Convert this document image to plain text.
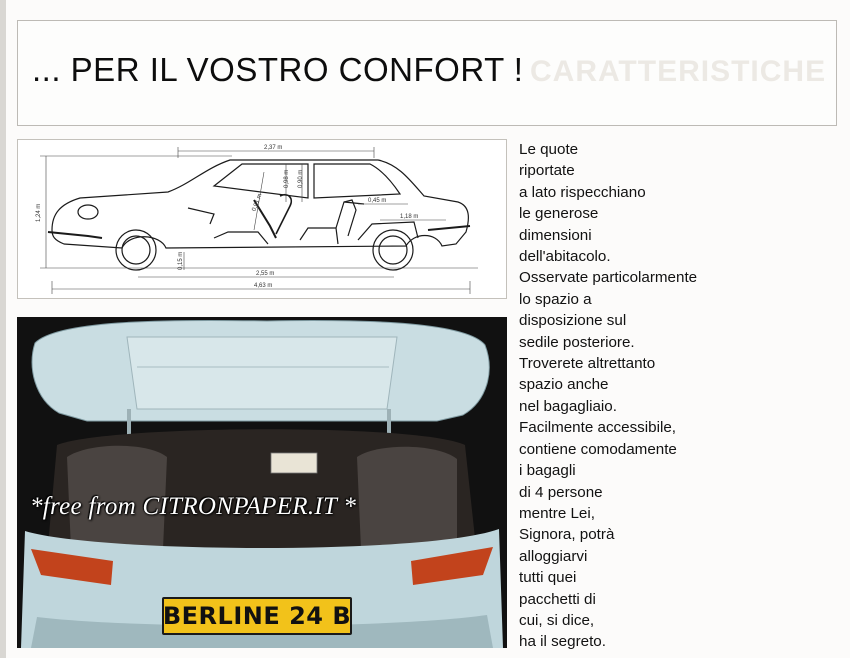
CARATTERISTICHE
... PER IL VOSTRO CONFORT !
2,37 m
1,24 m
2,55 m
4,63 m
0,15 m
0,91 m
0,98 m 0,90 m
0,45 m
1,18 m

*free from CITRONPAPER.IT *

BERLINE 24 B
Le quote
riportate
a lato rispecchiano
le generose
dimensioni
dell'abitacolo.
Osservate particolarmente
lo spazio a
disposizione sul
sedile posteriore.
Troverete altrettanto
spazio anche
nel bagagliaio.
Facilmente accessibile,
contiene comodamente
i bagagli
di 4 persone
mentre Lei,
Signora, potrà
alloggiarvi
tutti quei
pacchetti di
cui, si dice,
ha il segreto.
